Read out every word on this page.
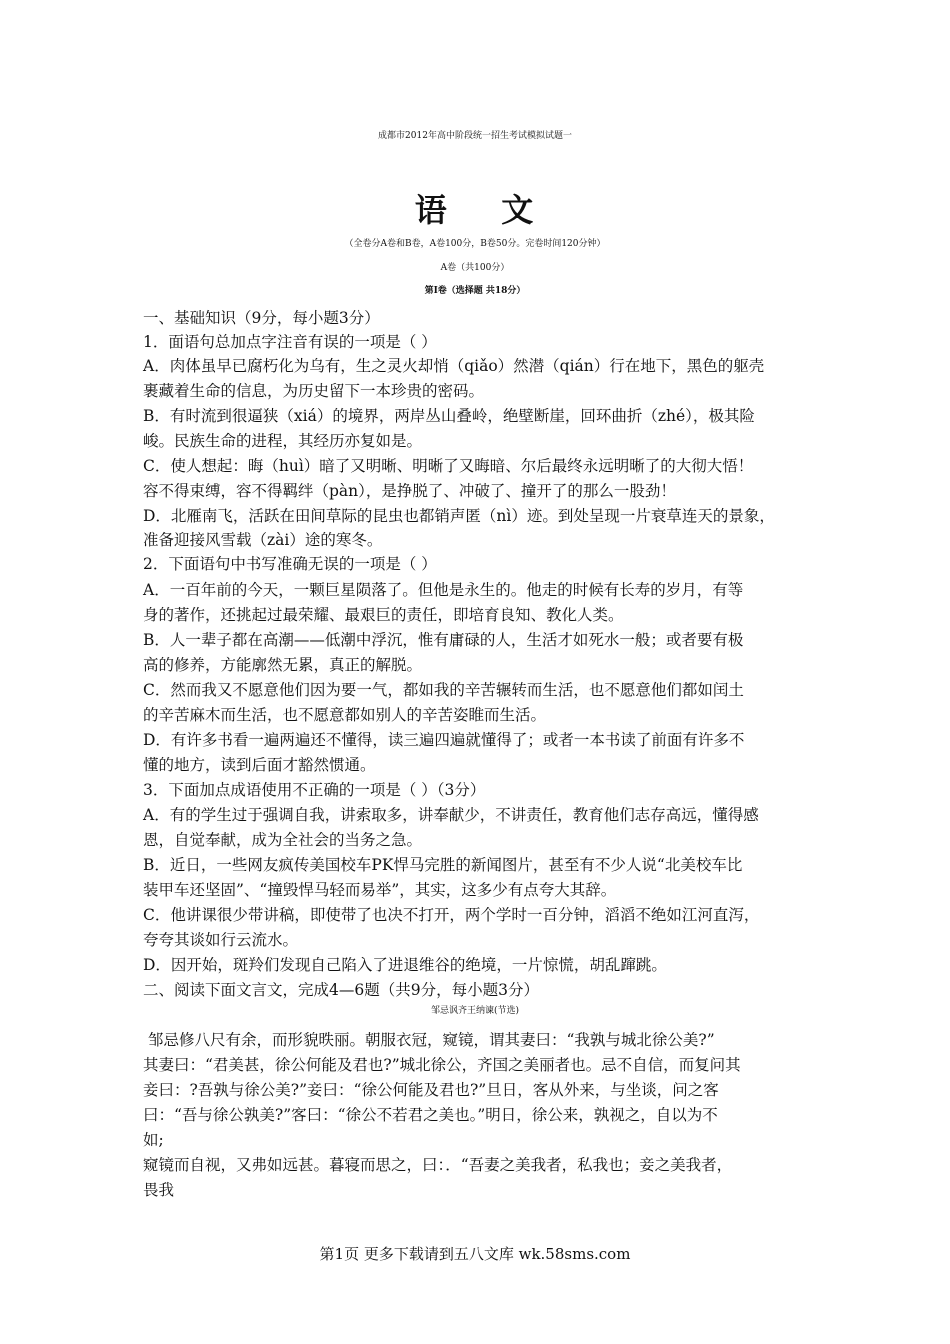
成都市2012年高中阶段统一招生考试模拟试题一
语    文
（全卷分A卷和B卷，A卷100分，B卷50分。完卷时间120分钟）
A卷（共100分）
第Ⅰ卷（选择题 共18分）
一、基础知识（9分，每小题3分）
1．面语句总加点字注音有误的一项是（ ）
A．肉体虽早已腐朽化为乌有，生之灵火却悄（qiǎo）然潜（qián）行在地下，黑色的躯壳
裹藏着生命的信息，为历史留下一本珍贵的密码。
B．有时流到很逼狭（xiá）的境界，两岸丛山叠岭，绝壁断崖，回环曲折（zhé），极其险
峻。民族生命的进程，其经历亦复如是。
C．使人想起：晦（huì）暗了又明晰、明晰了又晦暗、尔后最终永远明晰了的大彻大悟！
容不得束缚，容不得羁绊（pàn），是挣脱了、冲破了、撞开了的那么一股劲！
D．北雁南飞，活跃在田间草际的昆虫也都销声匿（nì）迹。到处呈现一片衰草连天的景象，
准备迎接风雪载（zài）途的寒冬。
2．下面语句中书写准确无误的一项是（ ）
A．一百年前的今天，一颗巨星陨落了。但他是永生的。他走的时候有长寿的岁月，有等
身的著作，还挑起过最荣耀、最艰巨的责任，即培育良知、教化人类。
B．人一辈子都在高潮——低潮中浮沉，惟有庸碌的人，生活才如死水一般；或者要有极
高的修养，方能廓然无累，真正的解脱。
C．然而我又不愿意他们因为要一气，都如我的辛苦辗转而生活，也不愿意他们都如闰土
的辛苦麻木而生活，也不愿意都如别人的辛苦姿睢而生活。
D．有许多书看一遍两遍还不懂得，读三遍四遍就懂得了；或者一本书读了前面有许多不
懂的地方，读到后面才豁然惯通。
3．下面加点成语使用不正确的一项是（ ）（3分）
A．有的学生过于强调自我，讲索取多，讲奉献少，不讲责任，教育他们志存高远，懂得感
恩，自觉奉献，成为全社会的当务之急。
B．近日，一些网友疯传美国校车PK悍马完胜的新闻图片，甚至有不少人说“北美校车比
装甲车还坚固”、“撞毁悍马轻而易举”，其实，这多少有点夸大其辞。
C．他讲课很少带讲稿，即使带了也决不打开，两个学时一百分钟，滔滔不绝如江河直泻，
夸夸其谈如行云流水。
D．因开始，斑羚们发现自己陷入了进退维谷的绝境，一片惊慌，胡乱蹿跳。
二、阅读下面文言文，完成4—6题（共9分，每小题3分）
邹忌讽齐王纳谏(节选)
邹忌修八尺有余，而形貌昳丽。朝服衣冠，窥镜，谓其妻曰：“我孰与城北徐公美?”
其妻曰：“君美甚，徐公何能及君也?”城北徐公，齐国之美丽者也。忌不自信，而复问其
妾曰：?吾孰与徐公美?”妾曰：“徐公何能及君也?”旦日，客从外来，与坐谈，问之客
曰：“吾与徐公孰美?”客曰：“徐公不若君之美也。”明日，徐公来，孰视之，自以为不
如;
窥镜而自视，又弗如远甚。暮寝而思之，曰：．“吾妻之美我者，私我也；妾之美我者，
畏我
第1页 更多下载请到五八文库 wk.58sms.com
